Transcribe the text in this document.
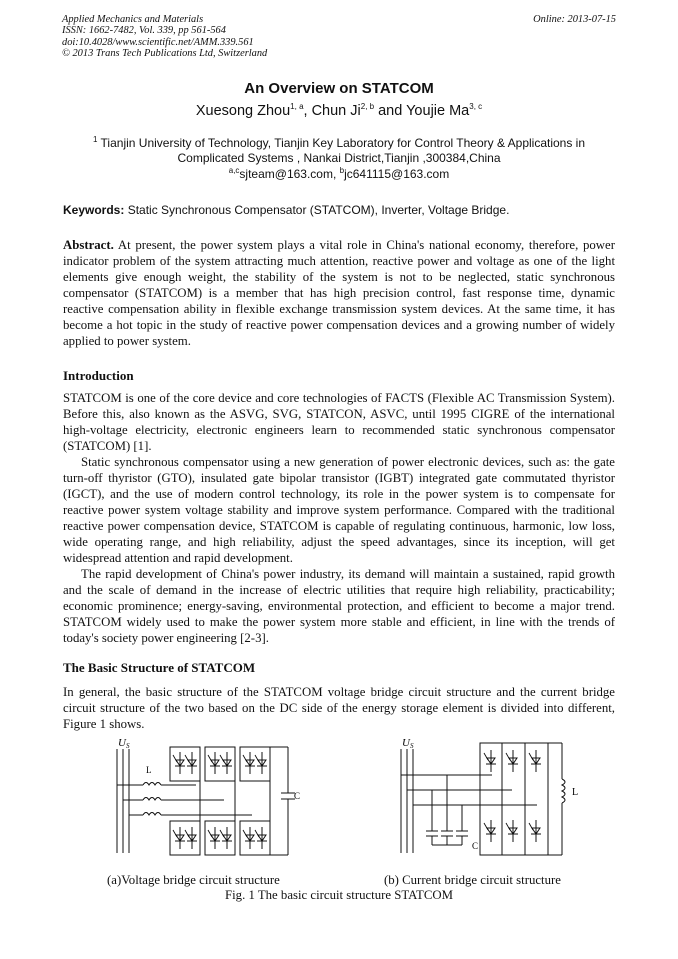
Applied Mechanics and Materials
ISSN: 1662-7482, Vol. 339, pp 561-564
doi:10.4028/www.scientific.net/AMM.339.561
© 2013 Trans Tech Publications Ltd, Switzerland
Online: 2013-07-15
An Overview on STATCOM
Xuesong Zhou$^{1, a}$, Chun Ji$^{2, b}$ and Youjie Ma$^{3, c}$
$^1$ Tianjin University of Technology, Tianjin Key Laboratory for Control Theory & Applications in Complicated Systems , Nankai District,Tianjin ,300384,China
$^{a,c}$sjteam@163.com, $^b$jc641115@163.com
Keywords: Static Synchronous Compensator (STATCOM), Inverter, Voltage Bridge.
Abstract. At present, the power system plays a vital role in China's national economy, therefore, power indicator problem of the system attracting much attention, reactive power and voltage as one of the light elements give enough weight, the stability of the system is not to be neglected, static synchronous compensator (STATCOM) is a member that has high precision control, fast response time, dynamic reactive compensation ability in flexible exchange transmission system devices. At the same time, it has become a hot topic in the study of reactive power compensation devices and a growing number of widely applied to power system.
Introduction
STATCOM is one of the core device and core technologies of FACTS (Flexible AC Transmission System). Before this, also known as the ASVG, SVG, STATCON, ASVC, until 1995 CIGRE of the international high-voltage electricity, electronic engineers learn to recommended static synchronous compensator (STATCOM) [1].
Static synchronous compensator using a new generation of power electronic devices, such as: the gate turn-off thyristor (GTO), insulated gate bipolar transistor (IGBT) integrated gate commutated thyristor (IGCT), and the use of modern control technology, its role in the power system is to compensate for reactive power system voltage stability and improve system performance. Compared with the traditional reactive power compensation device, STATCOM is capable of regulating continuous, harmonic, low loss, wide operating range, and high reliability, adjust the speed advantages, since its inception, will get widespread attention and rapid development.
The rapid development of China's power industry, its demand will maintain a sustained, rapid growth and the scale of demand in the increase of electric utilities that require high reliability, practicability; economic prominence; energy-saving, environmental protection, and efficient to become a major trend. STATCOM widely used to make the power system more stable and efficient, in line with the trends of today's society power engineering [2-3].
The Basic Structure of STATCOM
In general, the basic structure of the STATCOM voltage bridge circuit structure and the current bridge circuit structure of the two based on the DC side of the energy storage element is divided into different, Figure 1 shows.
U S
L
C
U S
L
C
(a)Voltage bridge circuit structure	(b) Current bridge circuit structure
Fig. 1 The basic circuit structure STATCOM
